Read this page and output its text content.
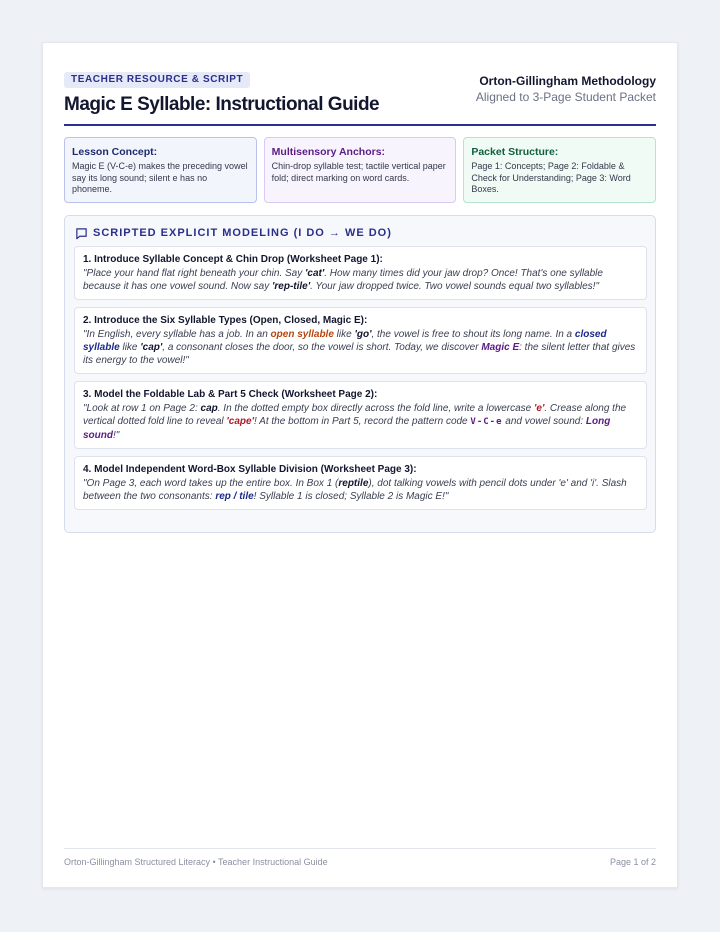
TEACHER RESOURCE & SCRIPT
Magic E Syllable: Instructional Guide
Orton-Gillingham Methodology
Aligned to 3-Page Student Packet
Lesson Concept:
Magic E (V-C-e) makes the preceding vowel say its long sound; silent e has no phoneme.
Multisensory Anchors:
Chin-drop syllable test; tactile vertical paper fold; direct marking on word cards.
Packet Structure:
Page 1: Concepts; Page 2: Foldable & Check for Understanding; Page 3: Word Boxes.
SCRIPTED EXPLICIT MODELING (I DO → WE DO)
1. Introduce Syllable Concept & Chin Drop (Worksheet Page 1):
"Place your hand flat right beneath your chin. Say 'cat'. How many times did your jaw drop? Once! That's one syllable because it has one vowel sound. Now say 'rep-tile'. Your jaw dropped twice. Two vowel sounds equal two syllables!"
2. Introduce the Six Syllable Types (Open, Closed, Magic E):
"In English, every syllable has a job. In an open syllable like 'go', the vowel is free to shout its long name. In a closed syllable like 'cap', a consonant closes the door, so the vowel is short. Today, we discover Magic E: the silent letter that gives its energy to the vowel!"
3. Model the Foldable Lab & Part 5 Check (Worksheet Page 2):
"Look at row 1 on Page 2: cap. In the dotted empty box directly across the fold line, write a lowercase 'e'. Crease along the vertical dotted fold line to reveal 'cape'! At the bottom in Part 5, record the pattern code V-C-e and vowel sound: Long sound!"
4. Model Independent Word-Box Syllable Division (Worksheet Page 3):
"On Page 3, each word takes up the entire box. In Box 1 (reptile), dot talking vowels with pencil dots under 'e' and 'i'. Slash between the two consonants: rep / tile! Syllable 1 is closed; Syllable 2 is Magic E!"
Orton-Gillingham Structured Literacy • Teacher Instructional Guide	Page 1 of 2
